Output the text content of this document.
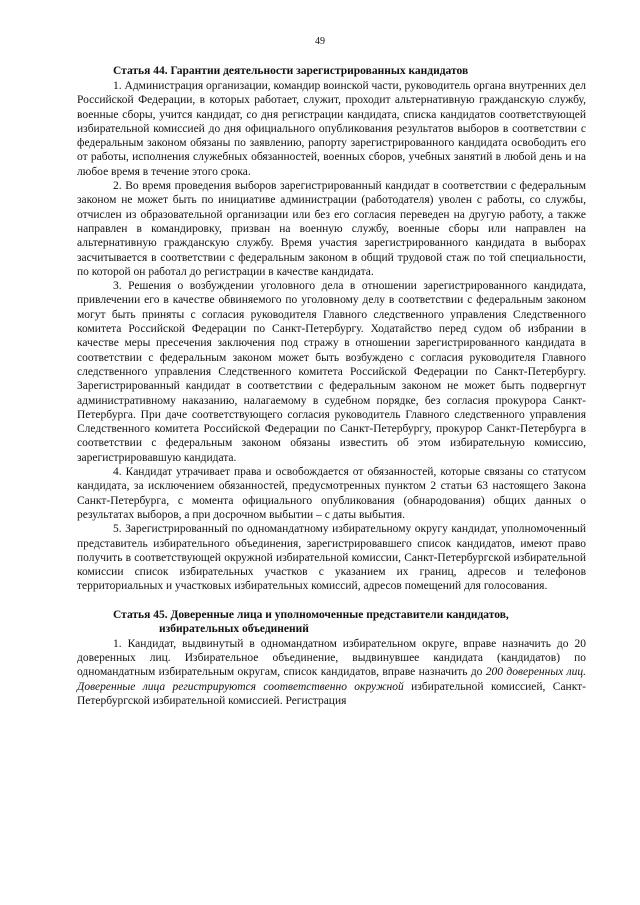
49

Статья 44. Гарантии деятельности зарегистрированных кандидатов

1. Администрация организации, командир воинской части, руководитель органа внутренних дел Российской Федерации, в которых работает, служит, проходит альтернативную гражданскую службу, военные сборы, учится кандидат, со дня регистрации кандидата, списка кандидатов соответствующей избирательной комиссией до дня официального опубликования результатов выборов в соответствии с федеральным законом обязаны по заявлению, рапорту зарегистрированного кандидата освободить его от работы, исполнения служебных обязанностей, военных сборов, учебных занятий в любой день и на любое время в течение этого срока.

2. Во время проведения выборов зарегистрированный кандидат в соответствии с федеральным законом не может быть по инициативе администрации (работодателя) уволен с работы, со службы, отчислен из образовательной организации или без его согласия переведен на другую работу, а также направлен в командировку, призван на военную службу, военные сборы или направлен на альтернативную гражданскую службу. Время участия зарегистрированного кандидата в выборах засчитывается в соответствии с федеральным законом в общий трудовой стаж по той специальности, по которой он работал до регистрации в качестве кандидата.

3. Решения о возбуждении уголовного дела в отношении зарегистрированного кандидата, привлечении его в качестве обвиняемого по уголовному делу в соответствии с федеральным законом могут быть приняты с согласия руководителя Главного следственного управления Следственного комитета Российской Федерации по Санкт-Петербургу. Ходатайство перед судом об избрании в качестве меры пресечения заключения под стражу в отношении зарегистрированного кандидата в соответствии с федеральным законом может быть возбуждено с согласия руководителя Главного следственного управления Следственного комитета Российской Федерации по Санкт-Петербургу. Зарегистрированный кандидат в соответствии с федеральным законом не может быть подвергнут административному наказанию, налагаемому в судебном порядке, без согласия прокурора Санкт-Петербурга. При даче соответствующего согласия руководитель Главного следственного управления Следственного комитета Российской Федерации по Санкт-Петербургу, прокурор Санкт-Петербурга в соответствии с федеральным законом обязаны известить об этом избирательную комиссию, зарегистрировавшую кандидата.

4. Кандидат утрачивает права и освобождается от обязанностей, которые связаны со статусом кандидата, за исключением обязанностей, предусмотренных пунктом 2 статьи 63 настоящего Закона Санкт-Петербурга, с момента официального опубликования (обнародования) общих данных о результатах выборов, а при досрочном выбытии – с даты выбытия.

5. Зарегистрированный по одномандатному избирательному округу кандидат, уполномоченный представитель избирательного объединения, зарегистрировавшего список кандидатов, имеют право получить в соответствующей окружной избирательной комиссии, Санкт-Петербургской избирательной комиссии список избирательных участков с указанием их границ, адресов и телефонов территориальных и участковых избирательных комиссий, адресов помещений для голосования.

Статья 45. Доверенные лица и уполномоченные представители кандидатов,
избирательных объединений

1. Кандидат, выдвинутый в одномандатном избирательном округе, вправе назначить до 20 доверенных лиц. Избирательное объединение, выдвинувшее кандидата (кандидатов) по одномандатным избирательным округам, список кандидатов, вправе назначить до 200 доверенных лиц. Доверенные лица регистрируются соответственно окружной избирательной комиссией, Санкт-Петербургской избирательной комиссией. Регистрация
